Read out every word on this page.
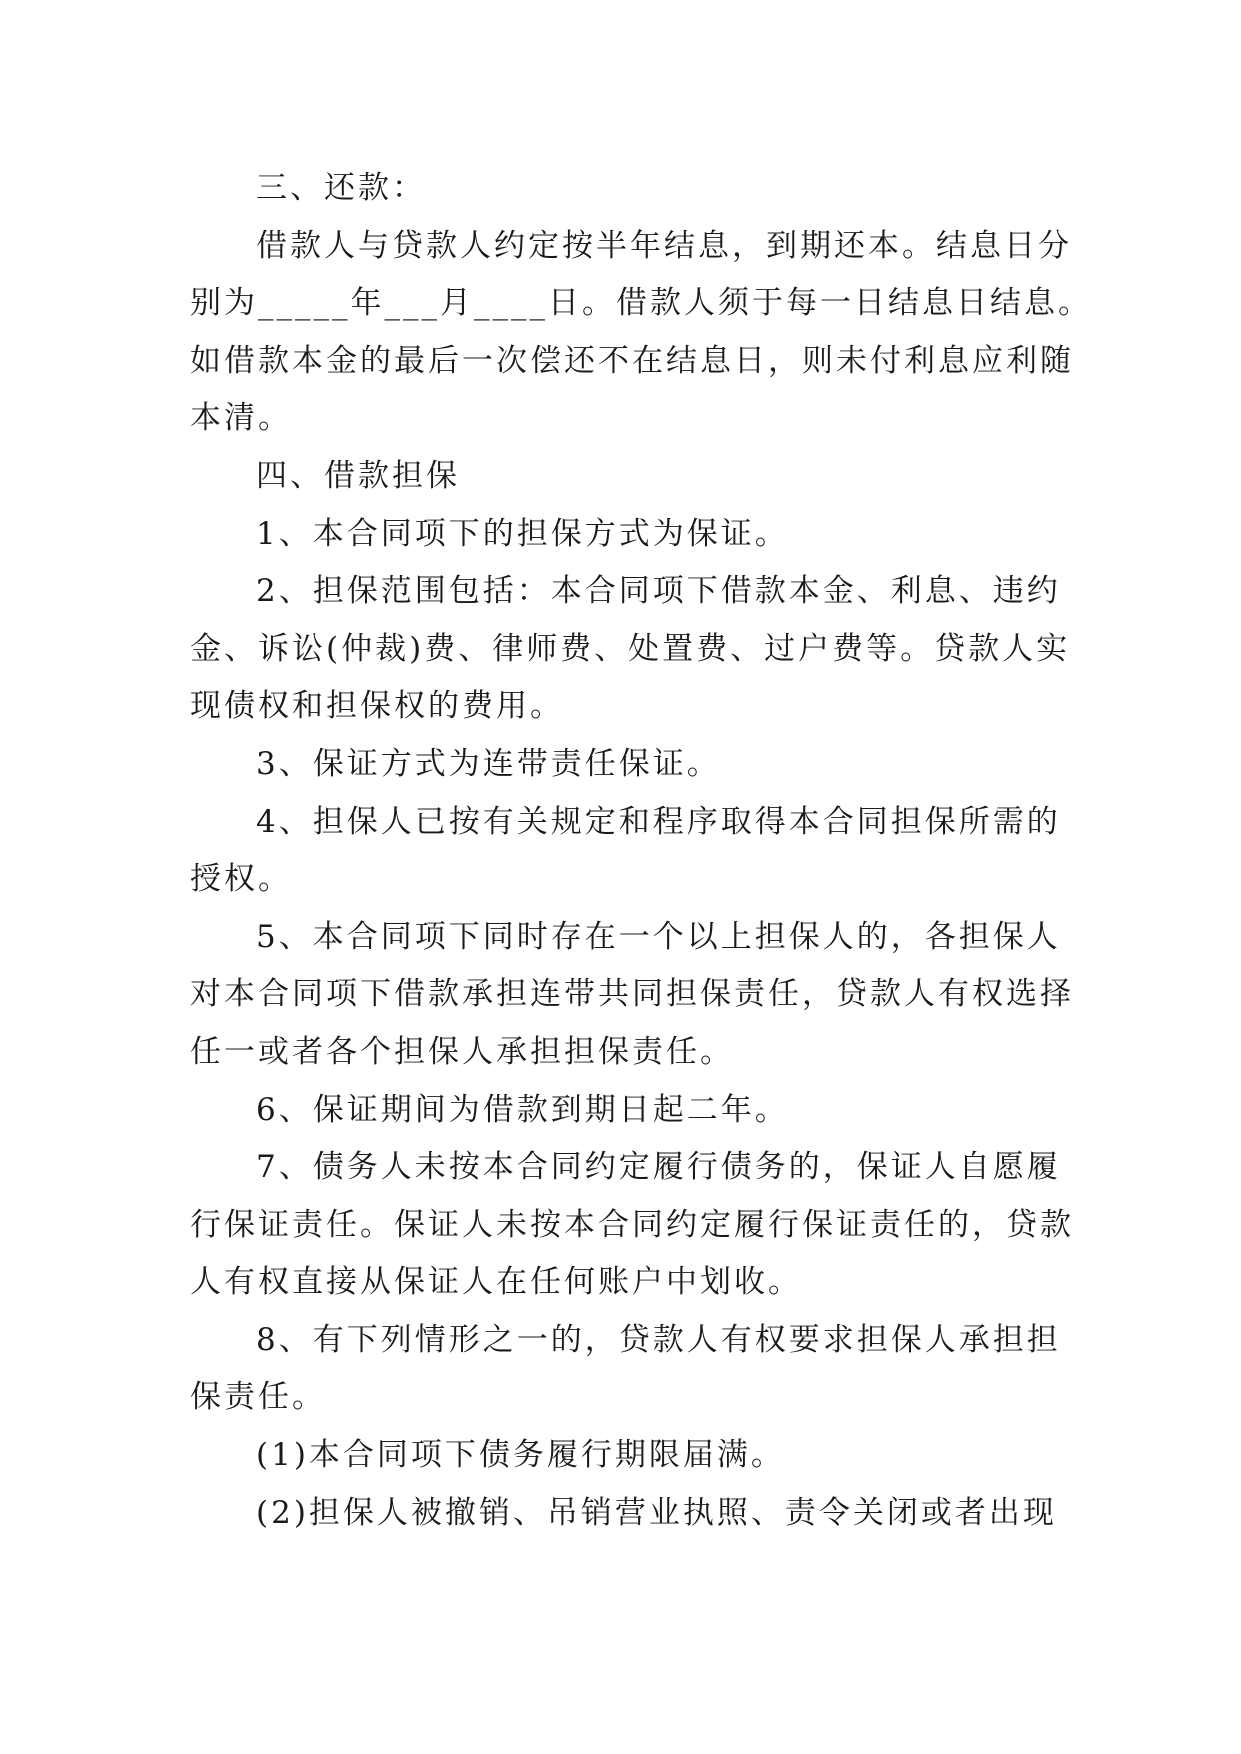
三、还款：
借款人与贷款人约定按半年结息，到期还本。结息日分
别为_____年___月____日。借款人须于每一日结息日结息。
如借款本金的最后一次偿还不在结息日，则未付利息应利随
本清。
四、借款担保
1、本合同项下的担保方式为保证。
2、担保范围包括：本合同项下借款本金、利息、违约
金、诉讼(仲裁)费、律师费、处置费、过户费等。贷款人实
现债权和担保权的费用。
3、保证方式为连带责任保证。
4、担保人已按有关规定和程序取得本合同担保所需的
授权。
5、本合同项下同时存在一个以上担保人的，各担保人
对本合同项下借款承担连带共同担保责任，贷款人有权选择
任一或者各个担保人承担担保责任。
6、保证期间为借款到期日起二年。
7、债务人未按本合同约定履行债务的，保证人自愿履
行保证责任。保证人未按本合同约定履行保证责任的，贷款
人有权直接从保证人在任何账户中划收。
8、有下列情形之一的，贷款人有权要求担保人承担担
保责任。
(1)本合同项下债务履行期限届满。
(2)担保人被撤销、吊销营业执照、责令关闭或者出现
